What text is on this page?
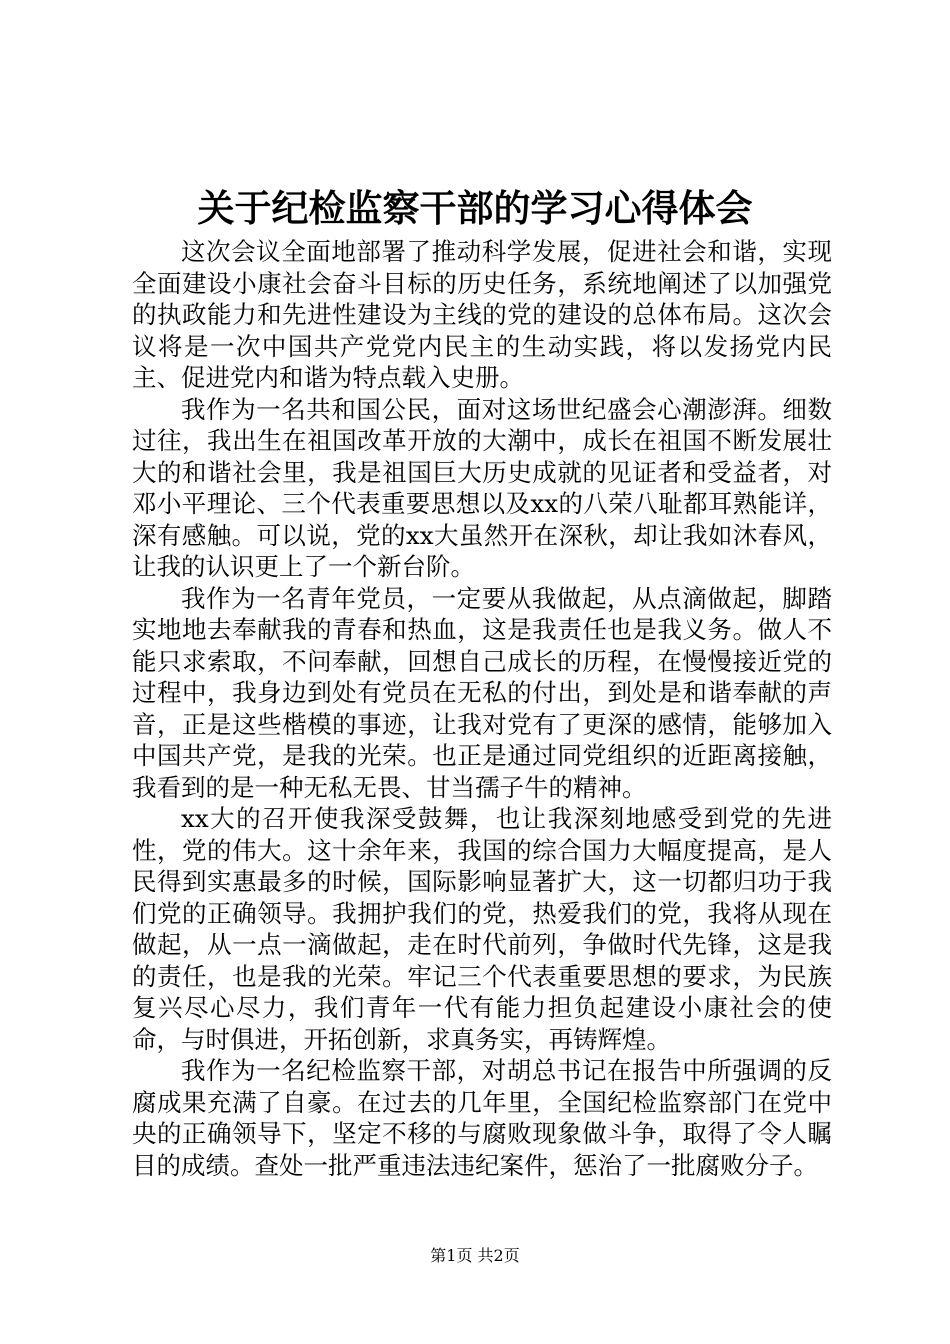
关于纪检监察干部的学习心得体会

这次会议全面地部署了推动科学发展，促进社会和谐，实现全面建设小康社会奋斗目标的历史任务，系统地阐述了以加强党的执政能力和先进性建设为主线的党的建设的总体布局。这次会议将是一次中国共产党党内民主的生动实践，将以发扬党内民主、促进党内和谐为特点载入史册。

我作为一名共和国公民，面对这场世纪盛会心潮澎湃。细数过往，我出生在祖国改革开放的大潮中，成长在祖国不断发展壮大的和谐社会里，我是祖国巨大历史成就的见证者和受益者，对邓小平理论、三个代表重要思想以及xx的八荣八耻都耳熟能详，深有感触。可以说，党的xx大虽然开在深秋，却让我如沐春风，让我的认识更上了一个新台阶。

我作为一名青年党员，一定要从我做起，从点滴做起，脚踏实地地去奉献我的青春和热血，这是我责任也是我义务。做人不能只求索取，不问奉献，回想自己成长的历程，在慢慢接近党的过程中，我身边到处有党员在无私的付出，到处是和谐奉献的声音，正是这些楷模的事迹，让我对党有了更深的感情，能够加入中国共产党，是我的光荣。也正是通过同党组织的近距离接触，我看到的是一种无私无畏、甘当孺子牛的精神。

xx大的召开使我深受鼓舞，也让我深刻地感受到党的先进性，党的伟大。这十余年来，我国的综合国力大幅度提高，是人民得到实惠最多的时候，国际影响显著扩大，这一切都归功于我们党的正确领导。我拥护我们的党，热爱我们的党，我将从现在做起，从一点一滴做起，走在时代前列，争做时代先锋，这是我的责任，也是我的光荣。牢记三个代表重要思想的要求，为民族复兴尽心尽力，我们青年一代有能力担负起建设小康社会的使命，与时俱进，开拓创新，求真务实，再铸辉煌。

我作为一名纪检监察干部，对胡总书记在报告中所强调的反腐成果充满了自豪。在过去的几年里，全国纪检监察部门在党中央的正确领导下，坚定不移的与腐败现象做斗争，取得了令人瞩目的成绩。查处一批严重违法违纪案件，惩治了一批腐败分子。

第1页 共2页
